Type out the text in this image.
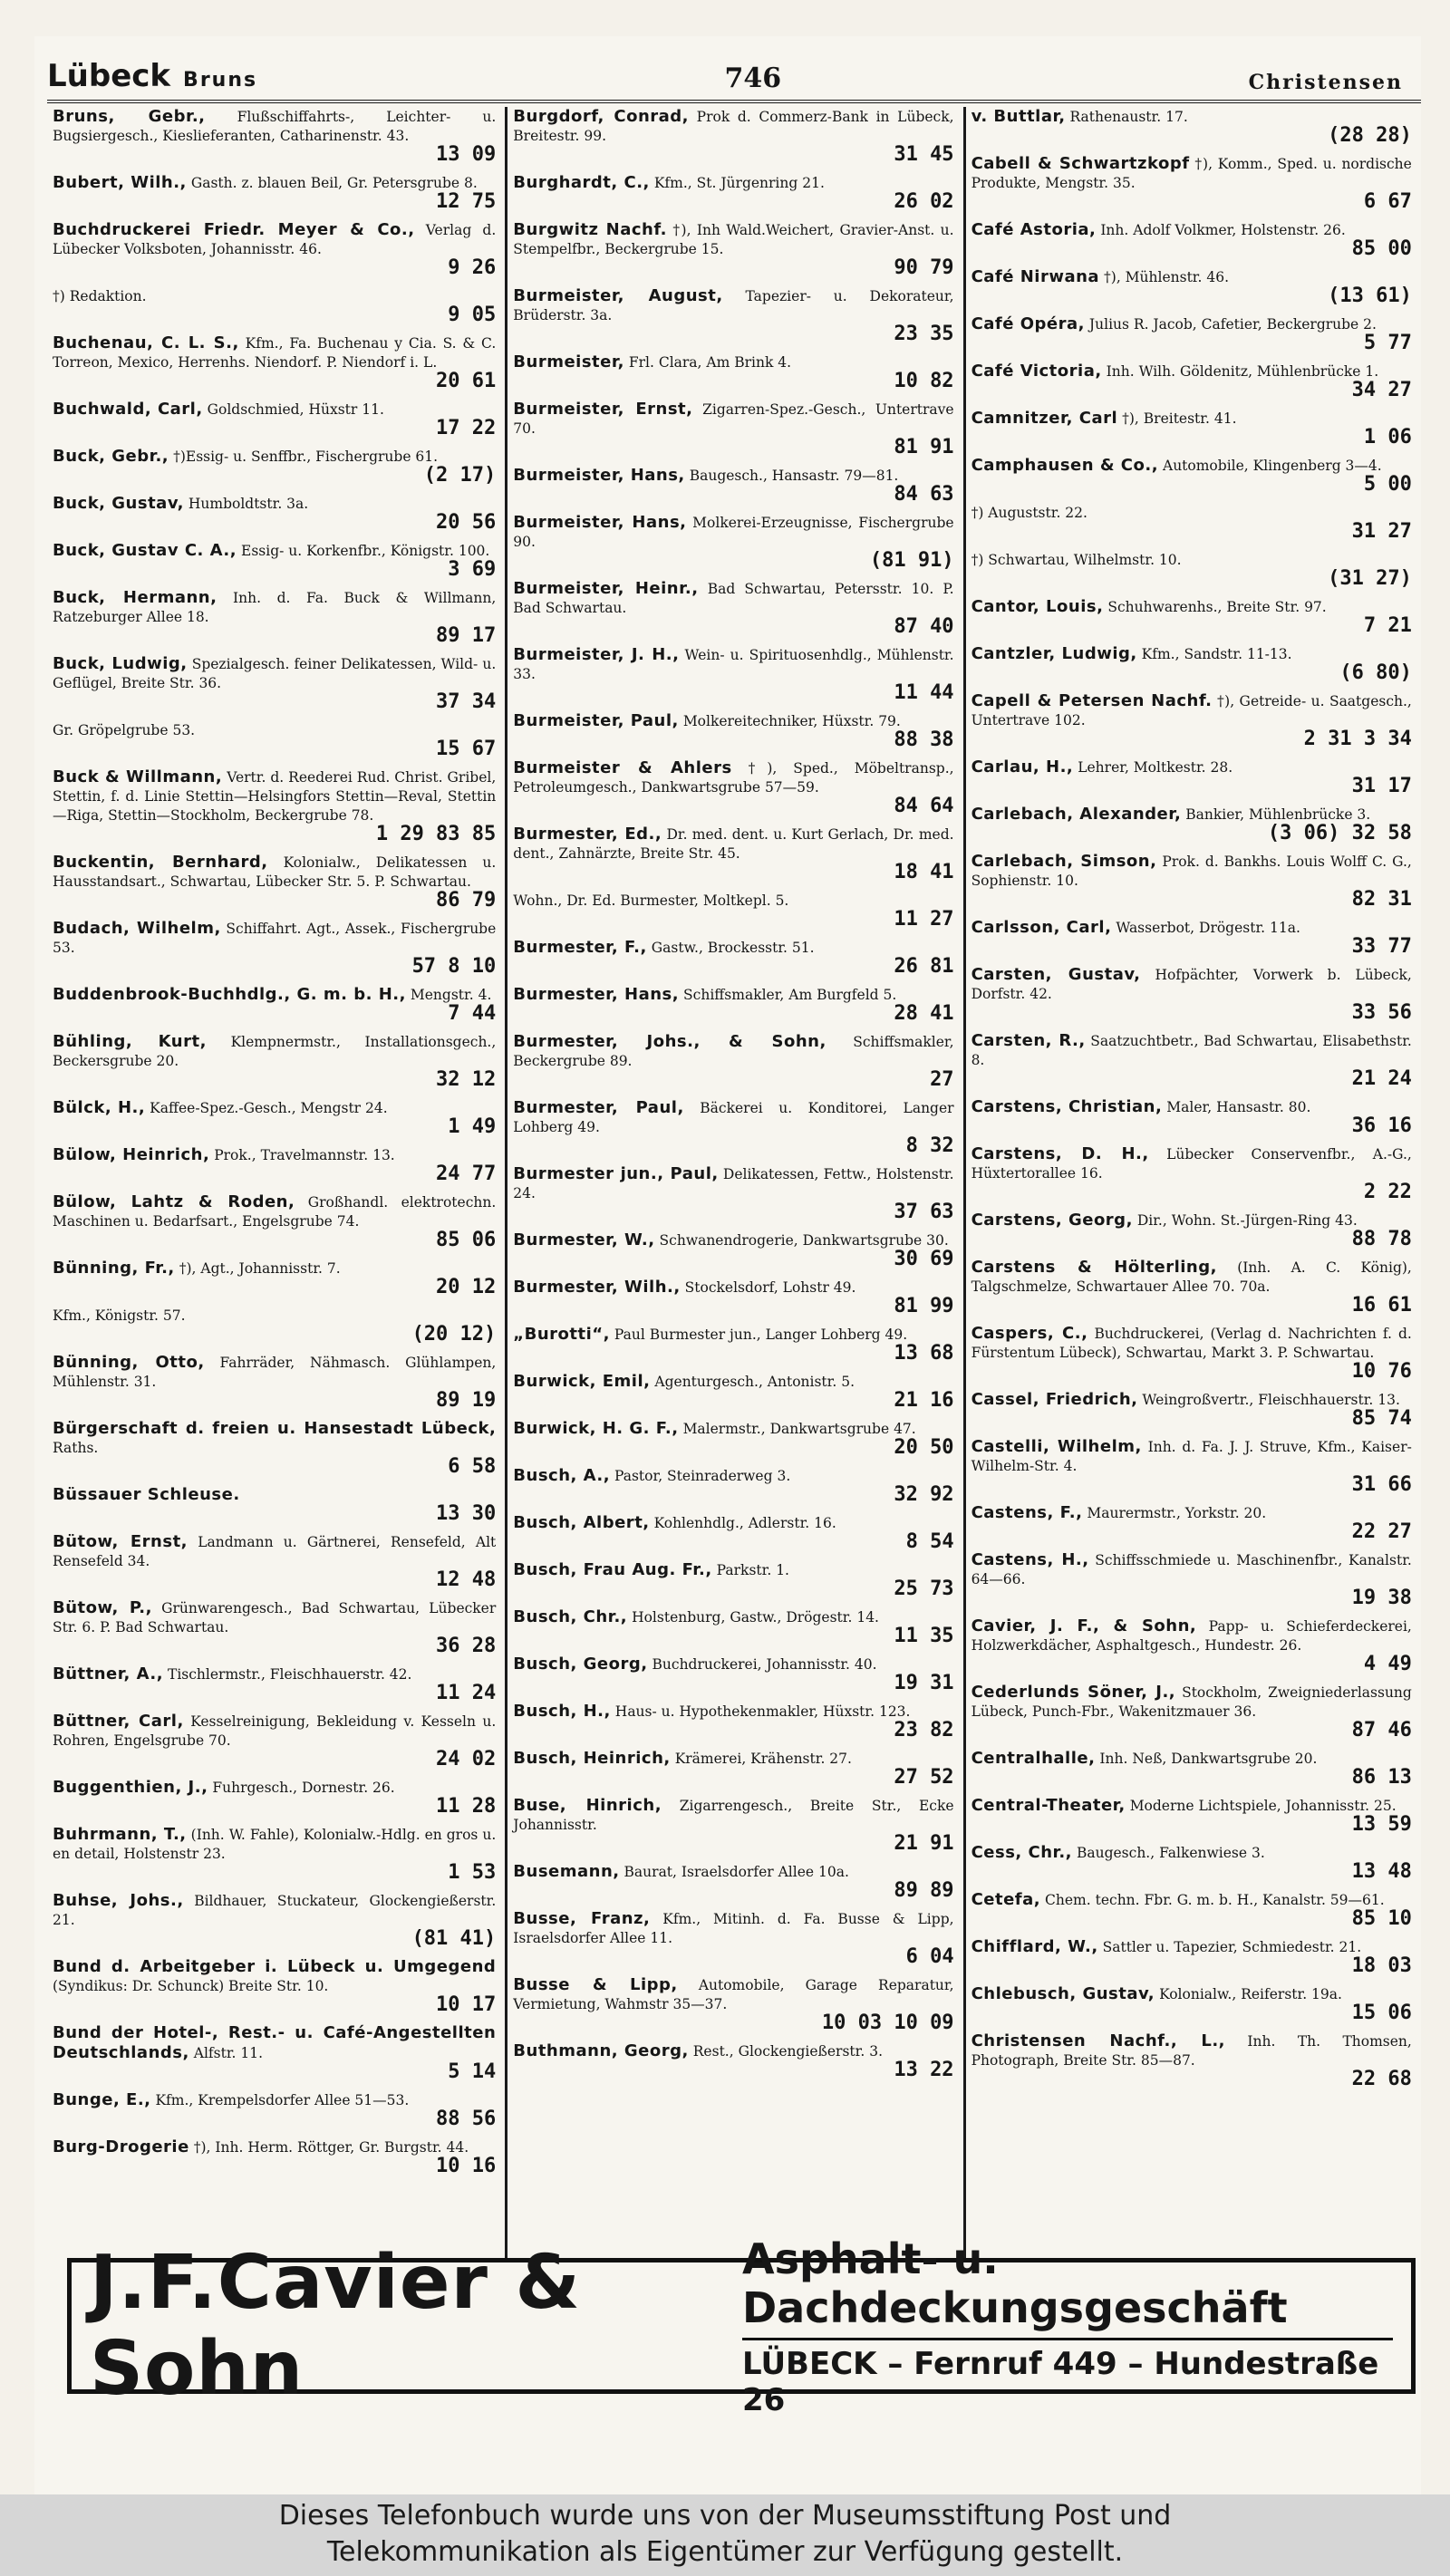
Lübeck Bruns	746	Christensen
Bruns, Gebr., Flußschiffahrts-, Leichter- u. Bugsiergesch., Kieslieferanten, Catharinenstr. 43.
13 09
Bubert, Wilh., Gasth. z. blauen Beil, Gr. Petersgrube 8.
12 75
Buchdruckerei Friedr. Meyer & Co., Verlag d. Lübecker Volksboten, Johannisstr. 46.
9 26
†) Redaktion.
9 05
Buchenau, C. L. S., Kfm., Fa. Buchenau y Cia. S. & C. Torreon, Mexico, Herrenhs. Niendorf. P. Niendorf i. L.
20 61
Buchwald, Carl, Goldschmied, Hüxstr 11.
17 22
Buck, Gebr., †)Essig- u. Senffbr., Fischergrube 61.
(2 17)
Buck, Gustav, Humboldtstr. 3a.
20 56
Buck, Gustav C. A., Essig- u. Korkenfbr., Königstr. 100.
3 69
Buck, Hermann, Inh. d. Fa. Buck & Willmann, Ratzeburger Allee 18.
89 17
Buck, Ludwig, Spezialgesch. feiner Delikatessen, Wild- u. Geflügel, Breite Str. 36.
37 34
Gr. Gröpelgrube 53.
15 67
Buck & Willmann, Vertr. d. Reederei Rud. Christ. Gribel, Stettin, f. d. Linie Stettin—Helsingfors Stettin—Reval, Stettin—Riga, Stettin—Stockholm, Beckergrube 78.
1 29 83 85
Buckentin, Bernhard, Kolonialw., Delikatessen u. Hausstandsart., Schwartau, Lübecker Str. 5. P. Schwartau.
86 79
Budach, Wilhelm, Schiffahrt. Agt., Assek., Fischergrube 53.
57 8 10
Buddenbrook-Buchhdlg., G. m. b. H., Mengstr. 4.
7 44
Bühling, Kurt, Klempnermstr., Installationsgech., Beckersgrube 20.
32 12
Bülck, H., Kaffee-Spez.-Gesch., Mengstr 24.
1 49
Bülow, Heinrich, Prok., Travelmannstr. 13.
24 77
Bülow, Lahtz & Roden, Großhandl. elektrotechn. Maschinen u. Bedarfsart., Engelsgrube 74.
85 06
Bünning, Fr., †), Agt., Johannisstr. 7.
20 12
Kfm., Königstr. 57.
(20 12)
Bünning, Otto, Fahrräder, Nähmasch. Glühlampen, Mühlenstr. 31.
89 19
Bürgerschaft d. freien u. Hansestadt Lübeck, Raths.
6 58
Büssauer Schleuse.
13 30
Bütow, Ernst, Landmann u. Gärtnerei, Rensefeld, Alt Rensefeld 34.
12 48
Bütow, P., Grünwarengesch., Bad Schwartau, Lübecker Str. 6. P. Bad Schwartau.
36 28
Büttner, A., Tischlermstr., Fleischhauerstr. 42.
11 24
Büttner, Carl, Kesselreinigung, Bekleidung v. Kesseln u. Rohren, Engelsgrube 70.
24 02
Buggenthien, J., Fuhrgesch., Dornestr. 26.
11 28
Buhrmann, T., (Inh. W. Fahle), Kolonialw.-Hdlg. en gros u. en detail, Holstenstr 23.
1 53
Buhse, Johs., Bildhauer, Stuckateur, Glockengießerstr. 21.
(81 41)
Bund d. Arbeitgeber i. Lübeck u. Umgegend (Syndikus: Dr. Schunck) Breite Str. 10.
10 17
Bund der Hotel-, Rest.- u. Café-Angestellten Deutschlands, Alfstr. 11.
5 14
Bunge, E., Kfm., Krempelsdorfer Allee 51—53.
88 56
Burg-Drogerie †), Inh. Herm. Röttger, Gr. Burgstr. 44.
10 16
Burgdorf, Conrad, Prok d. Commerz-Bank in Lübeck, Breitestr. 99.
31 45
Burghardt, C., Kfm., St. Jürgenring 21.
26 02
Burgwitz Nachf. †), Inh Wald.Weichert, Gravier-Anst. u. Stempelfbr., Beckergrube 15.
90 79
Burmeister, August, Tapezier- u. Dekorateur, Brüderstr. 3a.
23 35
Burmeister, Frl. Clara, Am Brink 4.
10 82
Burmeister, Ernst, Zigarren-Spez.-Gesch., Untertrave 70.
81 91
Burmeister, Hans, Baugesch., Hansastr. 79—81.
84 63
Burmeister, Hans, Molkerei-Erzeugnisse, Fischergrube 90.
(81 91)
Burmeister, Heinr., Bad Schwartau, Petersstr. 10. P. Bad Schwartau.
87 40
Burmeister, J. H., Wein- u. Spirituosenhdlg., Mühlenstr. 33.
11 44
Burmeister, Paul, Molkereitechniker, Hüxstr. 79.
88 38
Burmeister & Ahlers †), Sped., Möbeltransp., Petroleumgesch., Dankwartsgrube 57—59.
84 64
Burmester, Ed., Dr. med. dent. u. Kurt Gerlach, Dr. med. dent., Zahnärzte, Breite Str. 45.
18 41
Wohn., Dr. Ed. Burmester, Moltkepl. 5.
11 27
Burmester, F., Gastw., Brockesstr. 51.
26 81
Burmester, Hans, Schiffsmakler, Am Burgfeld 5.
28 41
Burmester, Johs., & Sohn, Schiffsmakler, Beckergrube 89.
27
Burmester, Paul, Bäckerei u. Konditorei, Langer Lohberg 49.
8 32
Burmester jun., Paul, Delikatessen, Fettw., Holstenstr. 24.
37 63
Burmester, W., Schwanendrogerie, Dankwartsgrube 30.
30 69
Burmester, Wilh., Stockelsdorf, Lohstr 49.
81 99
„Burotti“, Paul Burmester jun., Langer Lohberg 49.
13 68
Burwick, Emil, Agenturgesch., Antonistr. 5.
21 16
Burwick, H. G. F., Malermstr., Dankwartsgrube 47.
20 50
Busch, A., Pastor, Steinraderweg 3.
32 92
Busch, Albert, Kohlenhdlg., Adlerstr. 16.
8 54
Busch, Frau Aug. Fr., Parkstr. 1.
25 73
Busch, Chr., Holstenburg, Gastw., Drögestr. 14.
11 35
Busch, Georg, Buchdruckerei, Johannisstr. 40.
19 31
Busch, H., Haus- u. Hypothekenmakler, Hüxstr. 123.
23 82
Busch, Heinrich, Krämerei, Krähenstr. 27.
27 52
Buse, Hinrich, Zigarrengesch., Breite Str., Ecke Johannisstr.
21 91
Busemann, Baurat, Israelsdorfer Allee 10a.
89 89
Busse, Franz, Kfm., Mitinh. d. Fa. Busse & Lipp, Israelsdorfer Allee 11.
6 04
Busse & Lipp, Automobile, Garage Reparatur, Vermietung, Wahmstr 35—37.
10 03 10 09
Buthmann, Georg, Rest., Glockengießerstr. 3.
13 22
v. Buttlar, Rathenaustr. 17.
(28 28)
Cabell & Schwartzkopf †), Komm., Sped. u. nordische Produkte, Mengstr. 35.
6 67
Café Astoria, Inh. Adolf Volkmer, Holstenstr. 26.
85 00
Café Nirwana †), Mühlenstr. 46.
(13 61)
Café Opéra, Julius R. Jacob, Cafetier, Beckergrube 2.
5 77
Café Victoria, Inh. Wilh. Göldenitz, Mühlenbrücke 1.
34 27
Camnitzer, Carl †), Breitestr. 41.
1 06
Camphausen & Co., Automobile, Klingenberg 3—4.
5 00
†) Auguststr. 22.
31 27
†) Schwartau, Wilhelmstr. 10.
(31 27)
Cantor, Louis, Schuhwarenhs., Breite Str. 97.
7 21
Cantzler, Ludwig, Kfm., Sandstr. 11-13.
(6 80)
Capell & Petersen Nachf. †), Getreide- u. Saatgesch., Untertrave 102.
2 31 3 34
Carlau, H., Lehrer, Moltkestr. 28.
31 17
Carlebach, Alexander, Bankier, Mühlenbrücke 3.
(3 06) 32 58
Carlebach, Simson, Prok. d. Bankhs. Louis Wolff C. G., Sophienstr. 10.
82 31
Carlsson, Carl, Wasserbot, Drögestr. 11a.
33 77
Carsten, Gustav, Hofpächter, Vorwerk b. Lübeck, Dorfstr. 42.
33 56
Carsten, R., Saatzuchtbetr., Bad Schwartau, Elisabethstr. 8.
21 24
Carstens, Christian, Maler, Hansastr. 80.
36 16
Carstens, D. H., Lübecker Conservenfbr., A.-G., Hüxtertorallee 16.
2 22
Carstens, Georg, Dir., Wohn. St.-Jürgen-Ring 43.
88 78
Carstens & Hölterling, (Inh. A. C. König), Talgschmelze, Schwartauer Allee 70. 70a.
16 61
Caspers, C., Buchdruckerei, (Verlag d. Nachrichten f. d. Fürstentum Lübeck), Schwartau, Markt 3. P. Schwartau.
10 76
Cassel, Friedrich, Weingroßvertr., Fleischhauerstr. 13.
85 74
Castelli, Wilhelm, Inh. d. Fa. J. J. Struve, Kfm., Kaiser-Wilhelm-Str. 4.
31 66
Castens, F., Maurermstr., Yorkstr. 20.
22 27
Castens, H., Schiffsschmiede u. Maschinenfbr., Kanalstr. 64—66.
19 38
Cavier, J. F., & Sohn, Papp- u. Schieferdeckerei, Holzwerkdächer, Asphaltgesch., Hundestr. 26.
4 49
Cederlunds Söner, J., Stockholm, Zweigniederlassung Lübeck, Punch-Fbr., Wakenitzmauer 36.
87 46
Centralhalle, Inh. Neß, Dankwartsgrube 20.
86 13
Central-Theater, Moderne Lichtspiele, Johannisstr. 25.
13 59
Cess, Chr., Baugesch., Falkenwiese 3.
13 48
Cetefa, Chem. techn. Fbr. G. m. b. H., Kanalstr. 59—61.
85 10
Chifflard, W., Sattler u. Tapezier, Schmiedestr. 21.
18 03
Chlebusch, Gustav, Kolonialw., Reiferstr. 19a.
15 06
Christensen Nachf., L., Inh. Th. Thomsen, Photograph, Breite Str. 85—87.
22 68
J.F.Cavier & Sohn
Asphalt- u. Dachdeckungsgeschäft
LÜBECK – Fernruf 449 – Hundestraße 26
Dieses Telefonbuch wurde uns von der Museumsstiftung Post und
Telekommunikation als Eigentümer zur Verfügung gestellt.
